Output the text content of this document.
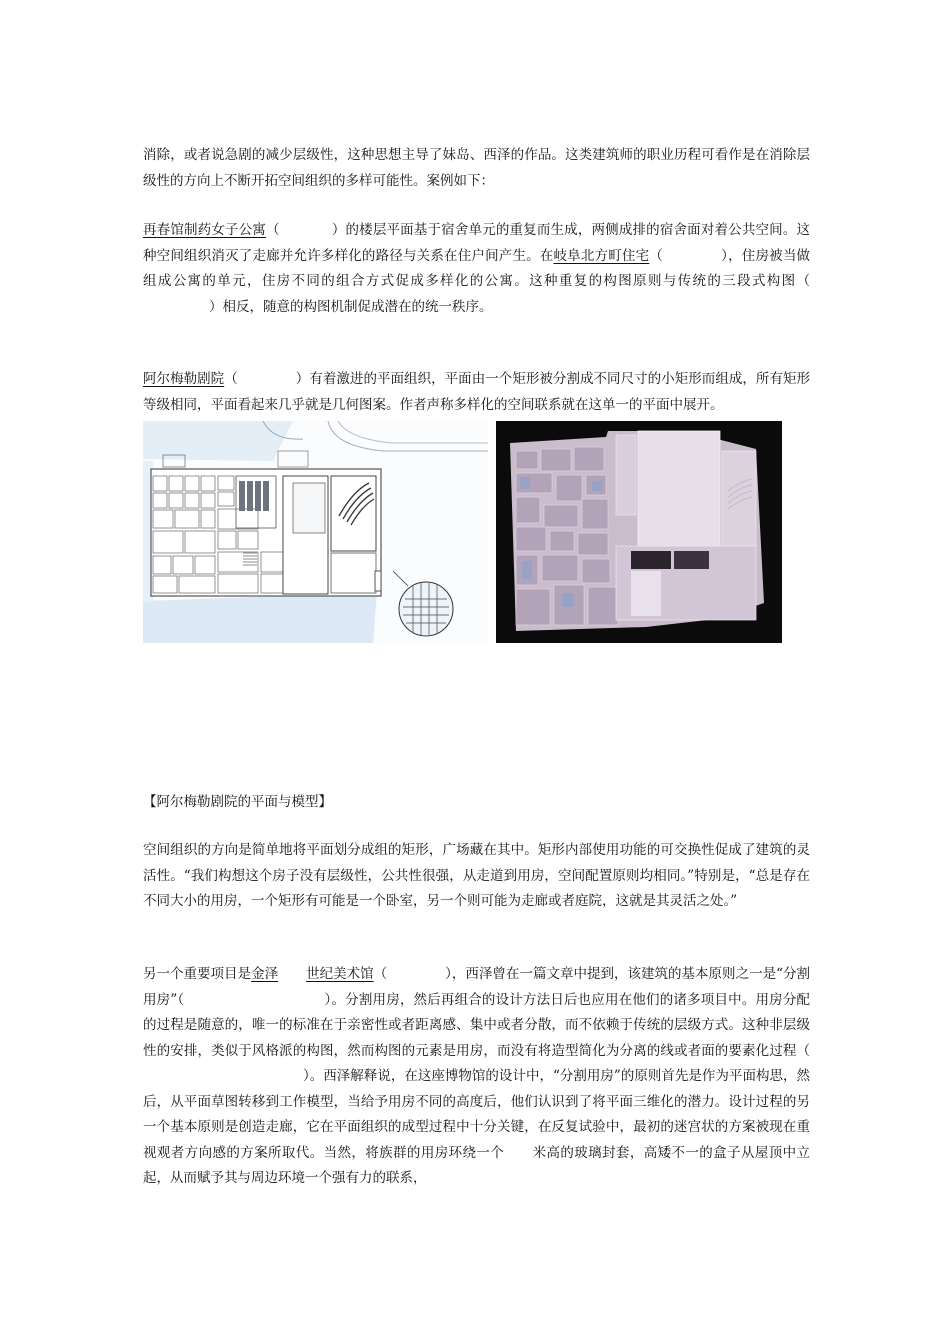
消除，或者说急剧的减少层级性，这种思想主导了妹岛、西泽的作品。这类建筑师的职业历程可看作是在消除层级性的方向上不断开拓空间组织的多样可能性。案例如下：

再春馆制药女子公寓（	）的楼层平面基于宿舍单元的重复而生成，两侧成排的宿舍面对着公共空间。这种空间组织消灭了走廊并允许多样化的路径与关系在住户间产生。在岐阜北方町住宅（	），住房被当做组成公寓的单元，住房不同的组合方式促成多样化的公寓。这种重复的构图原则与传统的三段式构图（）相反，随意的构图机制促成潜在的统一秩序。

阿尔梅勒剧院（	）有着激进的平面组织，平面由一个矩形被分割成不同尺寸的小矩形而组成，所有矩形等级相同，平面看起来几乎就是几何图案。作者声称多样化的空间联系就在这单一的平面中展开。

【阿尔梅勒剧院的平面与模型】

空间组织的方向是简单地将平面划分成组的矩形，广场藏在其中。矩形内部使用功能的可交换性促成了建筑的灵活性。“我们构想这个房子没有层级性，公共性很强，从走道到用房，空间配置原则均相同。”特别是，“总是存在不同大小的用房，一个矩形有可能是一个卧室，另一个则可能为走廊或者庭院，这就是其灵活之处。”

另一个重要项目是金泽 世纪美术馆（	），西泽曾在一篇文章中提到，该建筑的基本原则之一是“分割用房”（	）。分割用房，然后再组合的设计方法日后也应用在他们的诸多项目中。用房分配的过程是随意的，唯一的标准在于亲密性或者距离感、集中或者分散，而不依赖于传统的层级方式。这种非层级性的安排，类似于风格派的构图，然而构图的元素是用房，而没有将造型简化为分离的线或者面的要素化过程（）。西泽解释说，在这座博物馆的设计中，“分割用房”的原则首先是作为平面构思，然后，从平面草图转移到工作模型，当给予用房不同的高度后，他们认识到了将平面三维化的潜力。设计过程的另一个基本原则是创造走廊，它在平面组织的成型过程中十分关键，在反复试验中，最初的迷宫状的方案被现在重视观者方向感的方案所取代。当然，将族群的用房环绕一个 米高的玻璃封套，高矮不一的盒子从屋顶中立起，从而赋予其与周边环境一个强有力的联系，
